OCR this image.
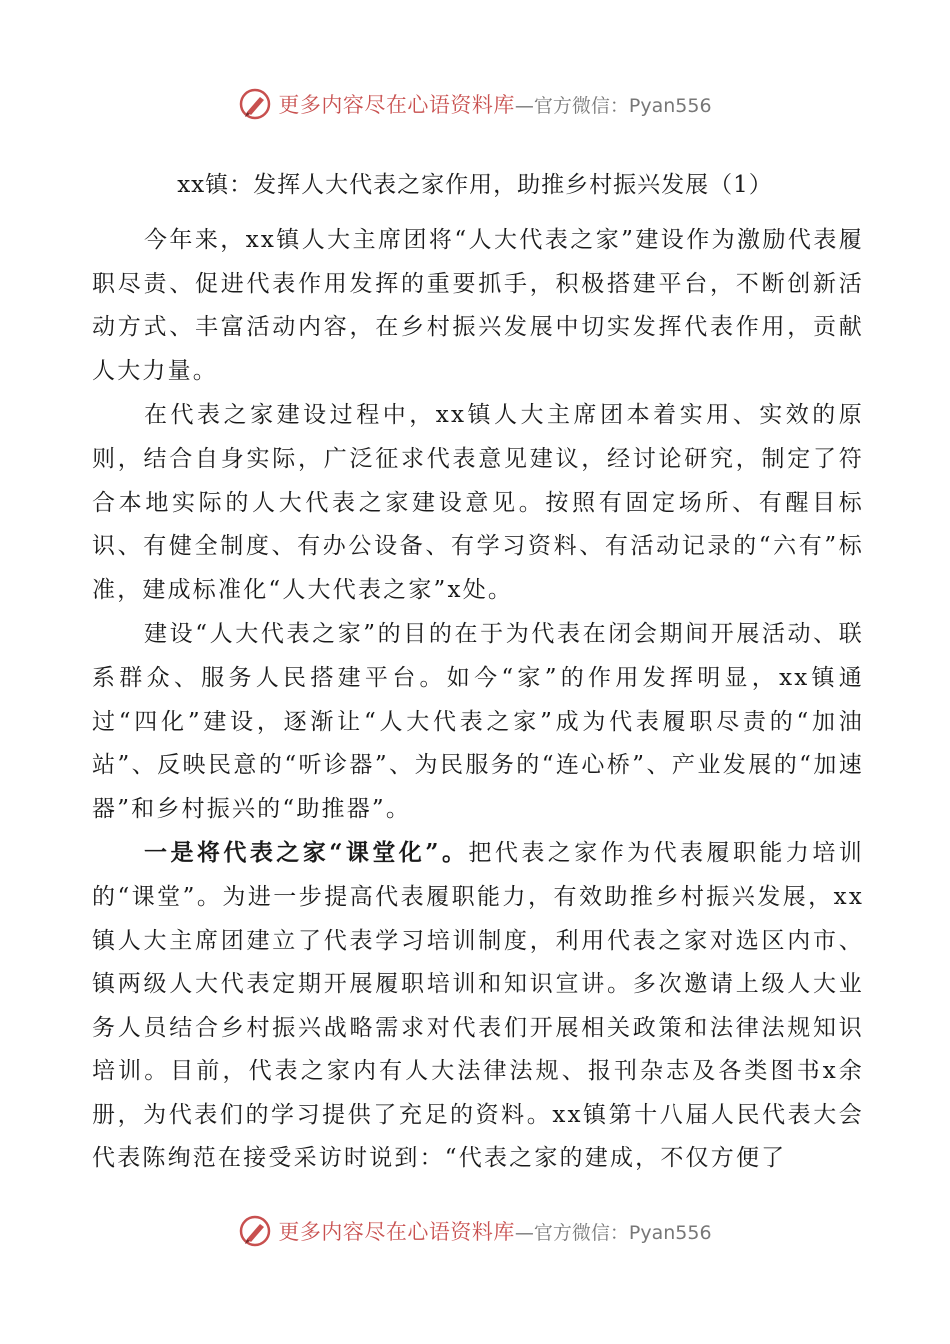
更多内容尽在心语资料库 —官方微信：Pyan556
xx镇：发挥人大代表之家作用，助推乡村振兴发展（1）

今年来，xx镇人大主席团将“人大代表之家”建设作为激励代表履职尽责、促进代表作用发挥的重要抓手，积极搭建平台，不断创新活动方式、丰富活动内容，在乡村振兴发展中切实发挥代表作用，贡献人大力量。

在代表之家建设过程中，xx镇人大主席团本着实用、实效的原则，结合自身实际，广泛征求代表意见建议，经讨论研究，制定了符合本地实际的人大代表之家建设意见。按照有固定场所、有醒目标识、有健全制度、有办公设备、有学习资料、有活动记录的“六有”标准，建成标准化“人大代表之家”x处。

建设“人大代表之家”的目的在于为代表在闭会期间开展活动、联系群众、服务人民搭建平台。如今“家”的作用发挥明显，xx镇通过“四化”建设，逐渐让“人大代表之家”成为代表履职尽责的“加油站”、反映民意的“听诊器”、为民服务的“连心桥”、产业发展的“加速器”和乡村振兴的“助推器”。

一是将代表之家“课堂化”。把代表之家作为代表履职能力培训的“课堂”。为进一步提高代表履职能力，有效助推乡村振兴发展，xx镇人大主席团建立了代表学习培训制度，利用代表之家对选区内市、镇两级人大代表定期开展履职培训和知识宣讲。多次邀请上级人大业务人员结合乡村振兴战略需求对代表们开展相关政策和法律法规知识培训。目前，代表之家内有人大法律法规、报刊杂志及各类图书x余册，为代表们的学习提供了充足的资料。xx镇第十八届人民代表大会代表陈绚范在接受采访时说到：“代表之家的建成，不仅方便了

更多内容尽在心语资料库 —官方微信：Pyan556
